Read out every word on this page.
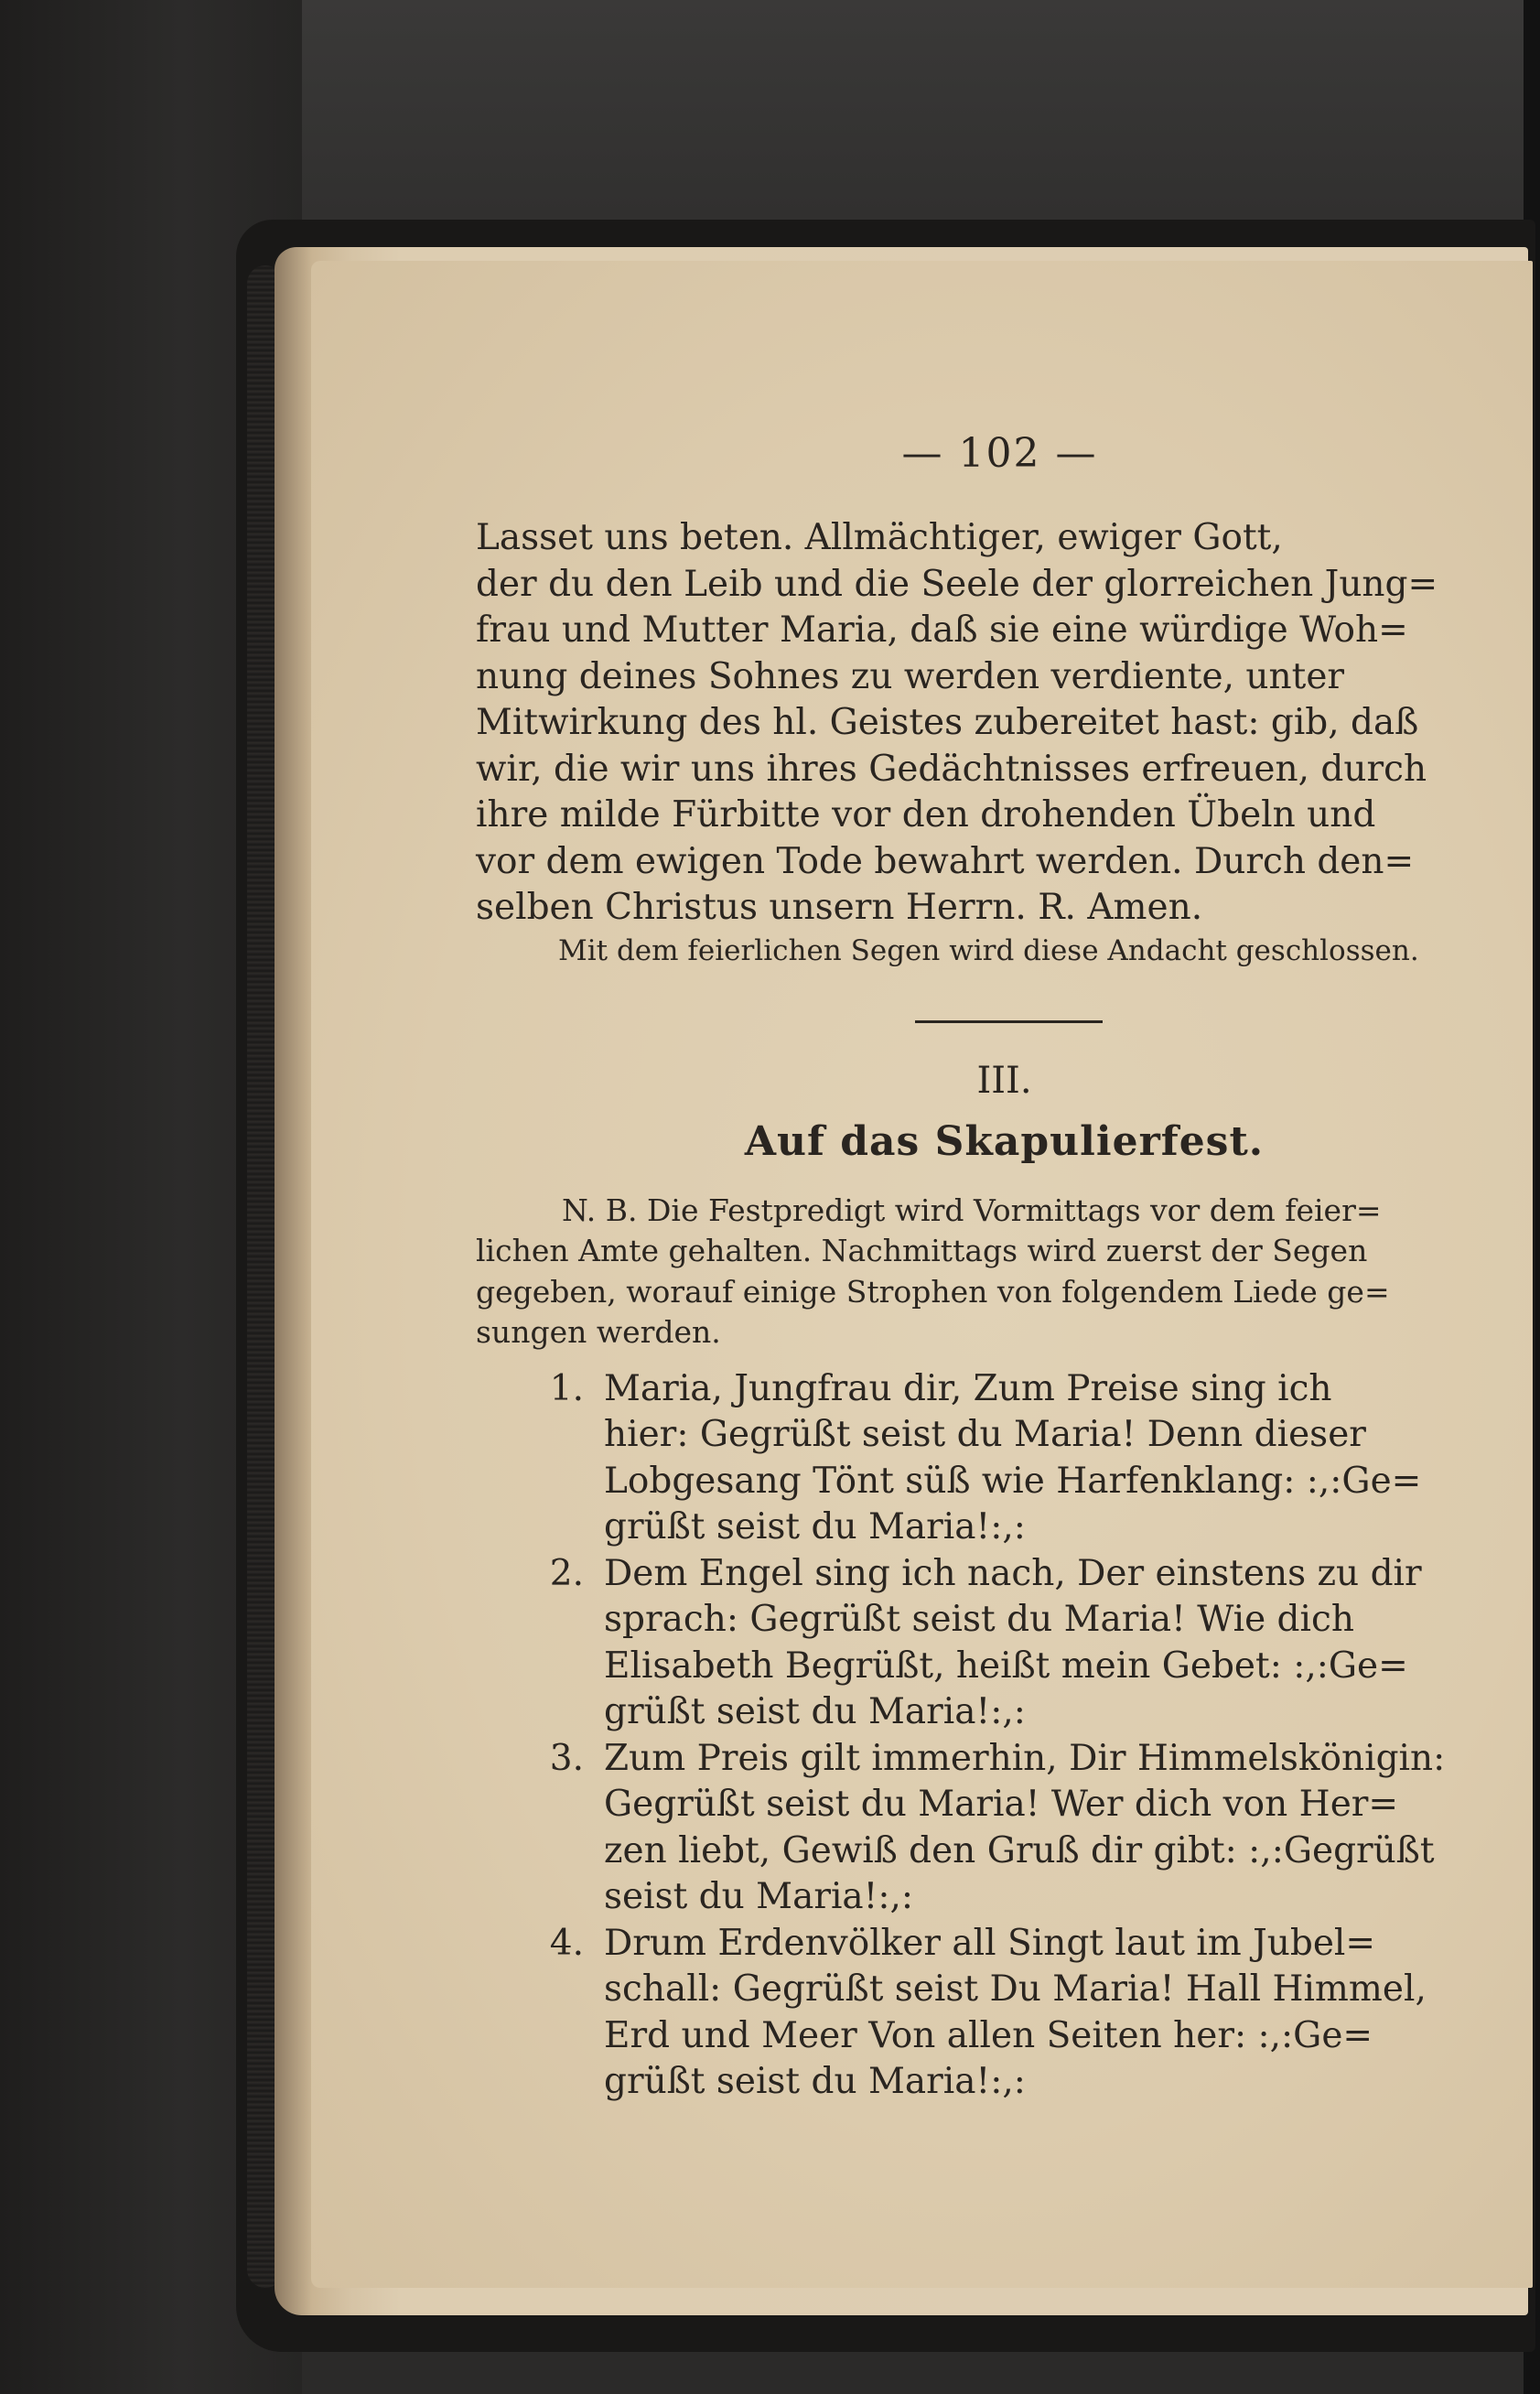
— 102 —
Lasset uns beten. Allmächtiger, ewiger Gott,
der du den Leib und die Seele der glorreichen Jung=
frau und Mutter Maria, daß sie eine würdige Woh=
nung deines Sohnes zu werden verdiente, unter
Mitwirkung des hl. Geistes zubereitet hast: gib, daß
wir, die wir uns ihres Gedächtnisses erfreuen, durch
ihre milde Fürbitte vor den drohenden Übeln und
vor dem ewigen Tode bewahrt werden. Durch den=
selben Christus unsern Herrn. R. Amen.
Mit dem feierlichen Segen wird diese Andacht geschlossen.
III.
Auf das Skapulierfest.
N. B. Die Festpredigt wird Vormittags vor dem feier=
lichen Amte gehalten. Nachmittags wird zuerst der Segen
gegeben, worauf einige Strophen von folgendem Liede ge=
sungen werden.
1. Maria, Jungfrau dir, Zum Preise sing ich
hier: Gegrüßt seist du Maria! Denn dieser
Lobgesang Tönt süß wie Harfenklang: :,:Ge=
grüßt seist du Maria!:,:
2. Dem Engel sing ich nach, Der einstens zu dir
sprach: Gegrüßt seist du Maria! Wie dich
Elisabeth Begrüßt, heißt mein Gebet: :,:Ge=
grüßt seist du Maria!:,:
3. Zum Preis gilt immerhin, Dir Himmelskönigin:
Gegrüßt seist du Maria! Wer dich von Her=
zen liebt, Gewiß den Gruß dir gibt: :,:Gegrüßt
seist du Maria!:,:
4. Drum Erdenvölker all Singt laut im Jubel=
schall: Gegrüßt seist Du Maria! Hall Himmel,
Erd und Meer Von allen Seiten her: :,:Ge=
grüßt seist du Maria!:,:
